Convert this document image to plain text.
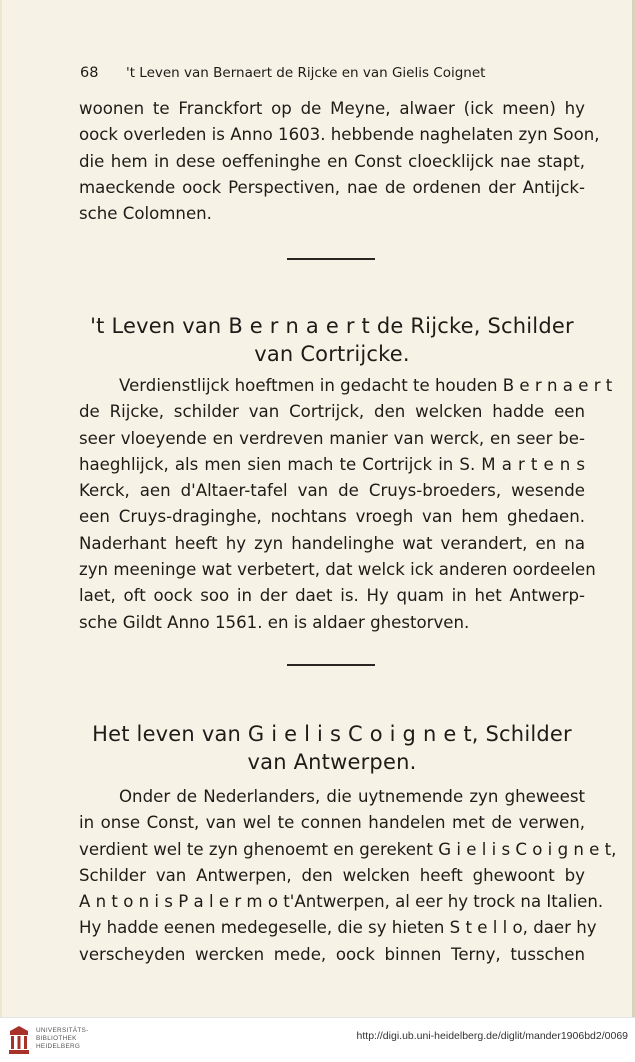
68 't Leven van Bernaert de Rijcke en van Gielis Coignet
woonen te Franckfort op de Meyne, alwaer (ick meen) hy
oock overleden is Anno 1603. hebbende naghelaten zyn Soon,
die hem in dese oeffeninghe en Const cloecklijck nae stapt,
maeckende oock Perspectiven, nae de ordenen der Antijck-
sche Colomnen.
't Leven van B e r n a e r t de Rijcke, Schilder
van Cortrijcke.
Verdienstlijck hoeftmen in gedacht te houden B e r n a e r t
de Rijcke, schilder van Cortrijck, den welcken hadde een
seer vloeyende en verdreven manier van werck, en seer be-
haeghlijck, als men sien mach te Cortrijck in S. M a r t e n s
Kerck, aen d'Altaer-tafel van de Cruys-broeders, wesende
een Cruys-draginghe, nochtans vroegh van hem ghedaen.
Naderhant heeft hy zyn handelinghe wat verandert, en na
zyn meeninge wat verbetert, dat welck ick anderen oordeelen
laet, oft oock soo in der daet is. Hy quam in het Antwerp-
sche Gildt Anno 1561. en is aldaer ghestorven.
Het leven van G i e l i s C o i g n e t, Schilder
van Antwerpen.
Onder de Nederlanders, die uytnemende zyn gheweest
in onse Const, van wel te connen handelen met de verwen,
verdient wel te zyn ghenoemt en gerekent G i e l i s C o i g n e t,
Schilder van Antwerpen, den welcken heeft ghewoont by
A n t o n i s P a l e r m o t'Antwerpen, al eer hy trock na Italien.
Hy hadde eenen medegeselle, die sy hieten S t e l l o, daer hy
verscheyden wercken mede, oock binnen Terny, tusschen
UNIVERSITÄTS-
BIBLIOTHEK
HEIDELBERG
http://digi.ub.uni-heidelberg.de/diglit/mander1906bd2/0069
